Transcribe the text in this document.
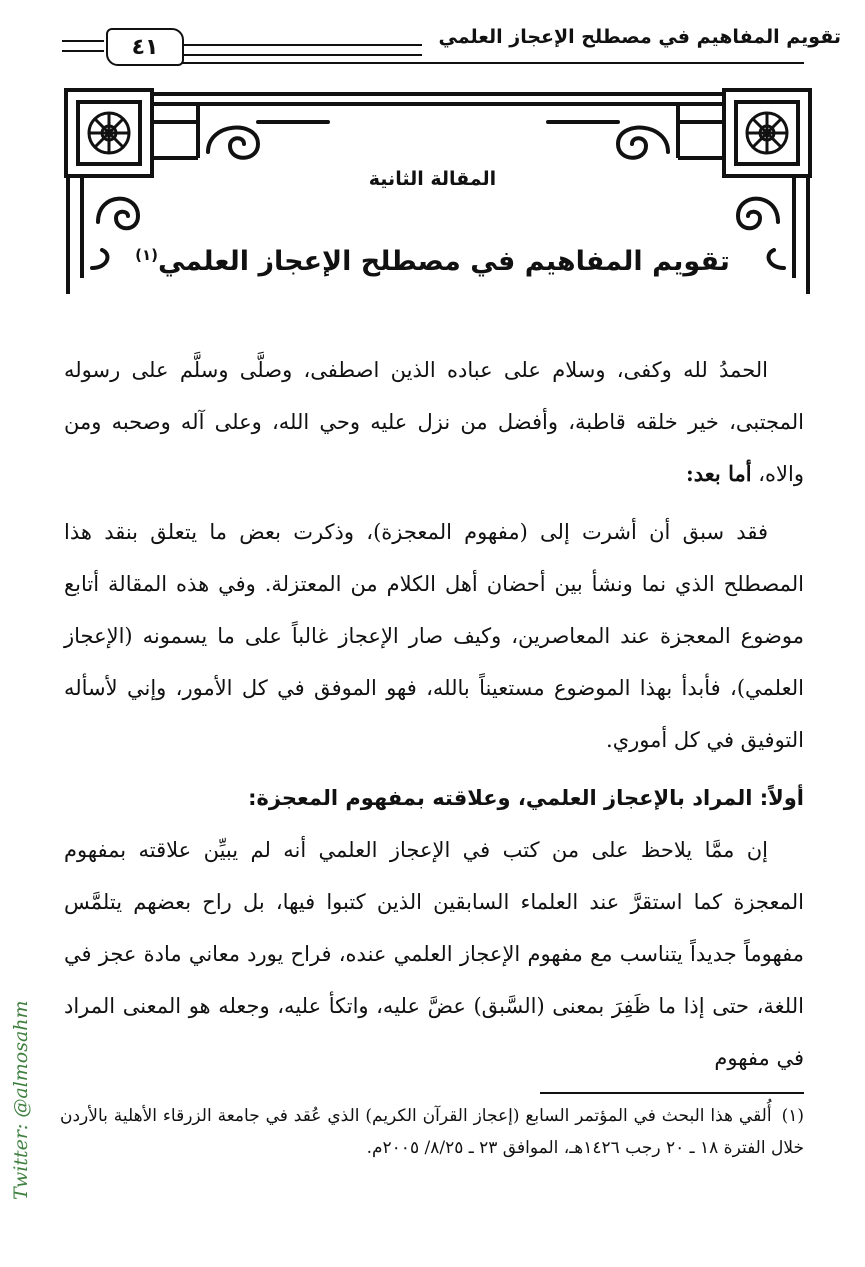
تقويم المفاهيم في مصطلح الإعجاز العلمي
٤١
المقالة الثانية
تقويم المفاهيم في مصطلح الإعجاز العلمي$^{(١)}$

الحمدُ لله وكفى، وسلام على عباده الذين اصطفى، وصلَّى وسلَّم على رسوله المجتبى، خير خلقه قاطبة، وأفضل من نزل عليه وحي الله، وعلى آله وصحبه ومن والاه، أما بعد:

فقد سبق أن أشرت إلى (مفهوم المعجزة)، وذكرت بعض ما يتعلق بنقد هذا المصطلح الذي نما ونشأ بين أحضان أهل الكلام من المعتزلة. وفي هذه المقالة أتابع موضوع المعجزة عند المعاصرين، وكيف صار الإعجاز غالباً على ما يسمونه (الإعجاز العلمي)، فأبدأ بهذا الموضوع مستعيناً بالله، فهو الموفق في كل الأمور، وإني لأسأله التوفيق في كل أموري.

أولاً: المراد بالإعجاز العلمي، وعلاقته بمفهوم المعجزة:

إن ممَّا يلاحظ على من كتب في الإعجاز العلمي أنه لم يبيِّن علاقته بمفهوم المعجزة كما استقرَّ عند العلماء السابقين الذين كتبوا فيها، بل راح بعضهم يتلمَّس مفهوماً جديداً يتناسب مع مفهوم الإعجاز العلمي عنده، فراح يورد معاني مادة عجز في اللغة، حتى إذا ما ظَفِرَ بمعنى (السَّبق) عضَّ عليه، واتكأ عليه، وجعله هو المعنى المراد في مفهوم

(١)أُلقي هذا البحث في المؤتمر السابع (إعجاز القرآن الكريم) الذي عُقد في جامعة الزرقاء الأهلية بالأردن خلال الفترة ١٨ ـ ٢٠ رجب ١٤٢٦هـ، الموافق ٢٣ ـ ٨/٢٥/ ٢٠٠٥م.
Twitter: @almosahm
